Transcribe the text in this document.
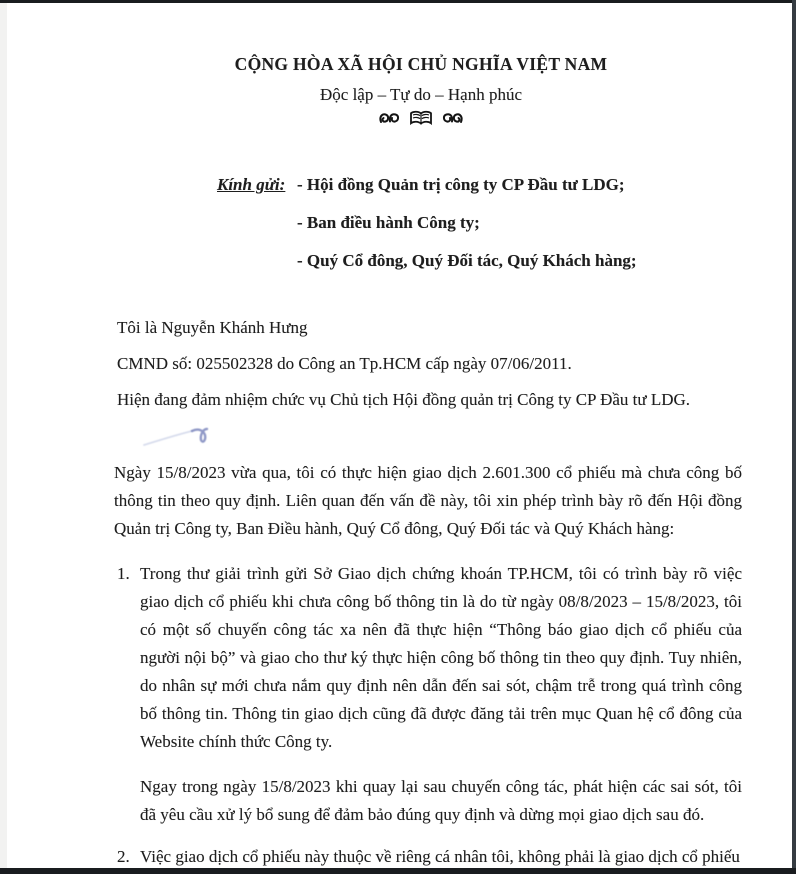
CỘNG HÒA XÃ HỘI CHỦ NGHĨA VIỆT NAM
Độc lập – Tự do – Hạnh phúc
Kính gửi: - Hội đồng Quản trị công ty CP Đầu tư LDG;
- Ban điều hành Công ty;
- Quý Cổ đông, Quý Đối tác, Quý Khách hàng;
Tôi là Nguyễn Khánh Hưng
CMND số: 025502328 do Công an Tp.HCM cấp ngày 07/06/2011.
Hiện đang đảm nhiệm chức vụ Chủ tịch Hội đồng quản trị Công ty CP Đầu tư LDG.

Ngày 15/8/2023 vừa qua, tôi có thực hiện giao dịch 2.601.300 cổ phiếu mà chưa công bố thông tin theo quy định. Liên quan đến vấn đề này, tôi xin phép trình bày rõ đến Hội đồng Quản trị Công ty, Ban Điều hành, Quý Cổ đông, Quý Đối tác và Quý Khách hàng:

1. Trong thư giải trình gửi Sở Giao dịch chứng khoán TP.HCM, tôi có trình bày rõ việc giao dịch cổ phiếu khi chưa công bố thông tin là do từ ngày 08/8/2023 – 15/8/2023, tôi có một số chuyến công tác xa nên đã thực hiện “Thông báo giao dịch cổ phiếu của người nội bộ” và giao cho thư ký thực hiện công bố thông tin theo quy định. Tuy nhiên, do nhân sự mới chưa nắm quy định nên dẫn đến sai sót, chậm trễ trong quá trình công bố thông tin. Thông tin giao dịch cũng đã được đăng tải trên mục Quan hệ cổ đông của Website chính thức Công ty.

Ngay trong ngày 15/8/2023 khi quay lại sau chuyến công tác, phát hiện các sai sót, tôi đã yêu cầu xử lý bổ sung để đảm bảo đúng quy định và dừng mọi giao dịch sau đó.

2. Việc giao dịch cổ phiếu này thuộc về riêng cá nhân tôi, không phải là giao dịch cổ phiếu
